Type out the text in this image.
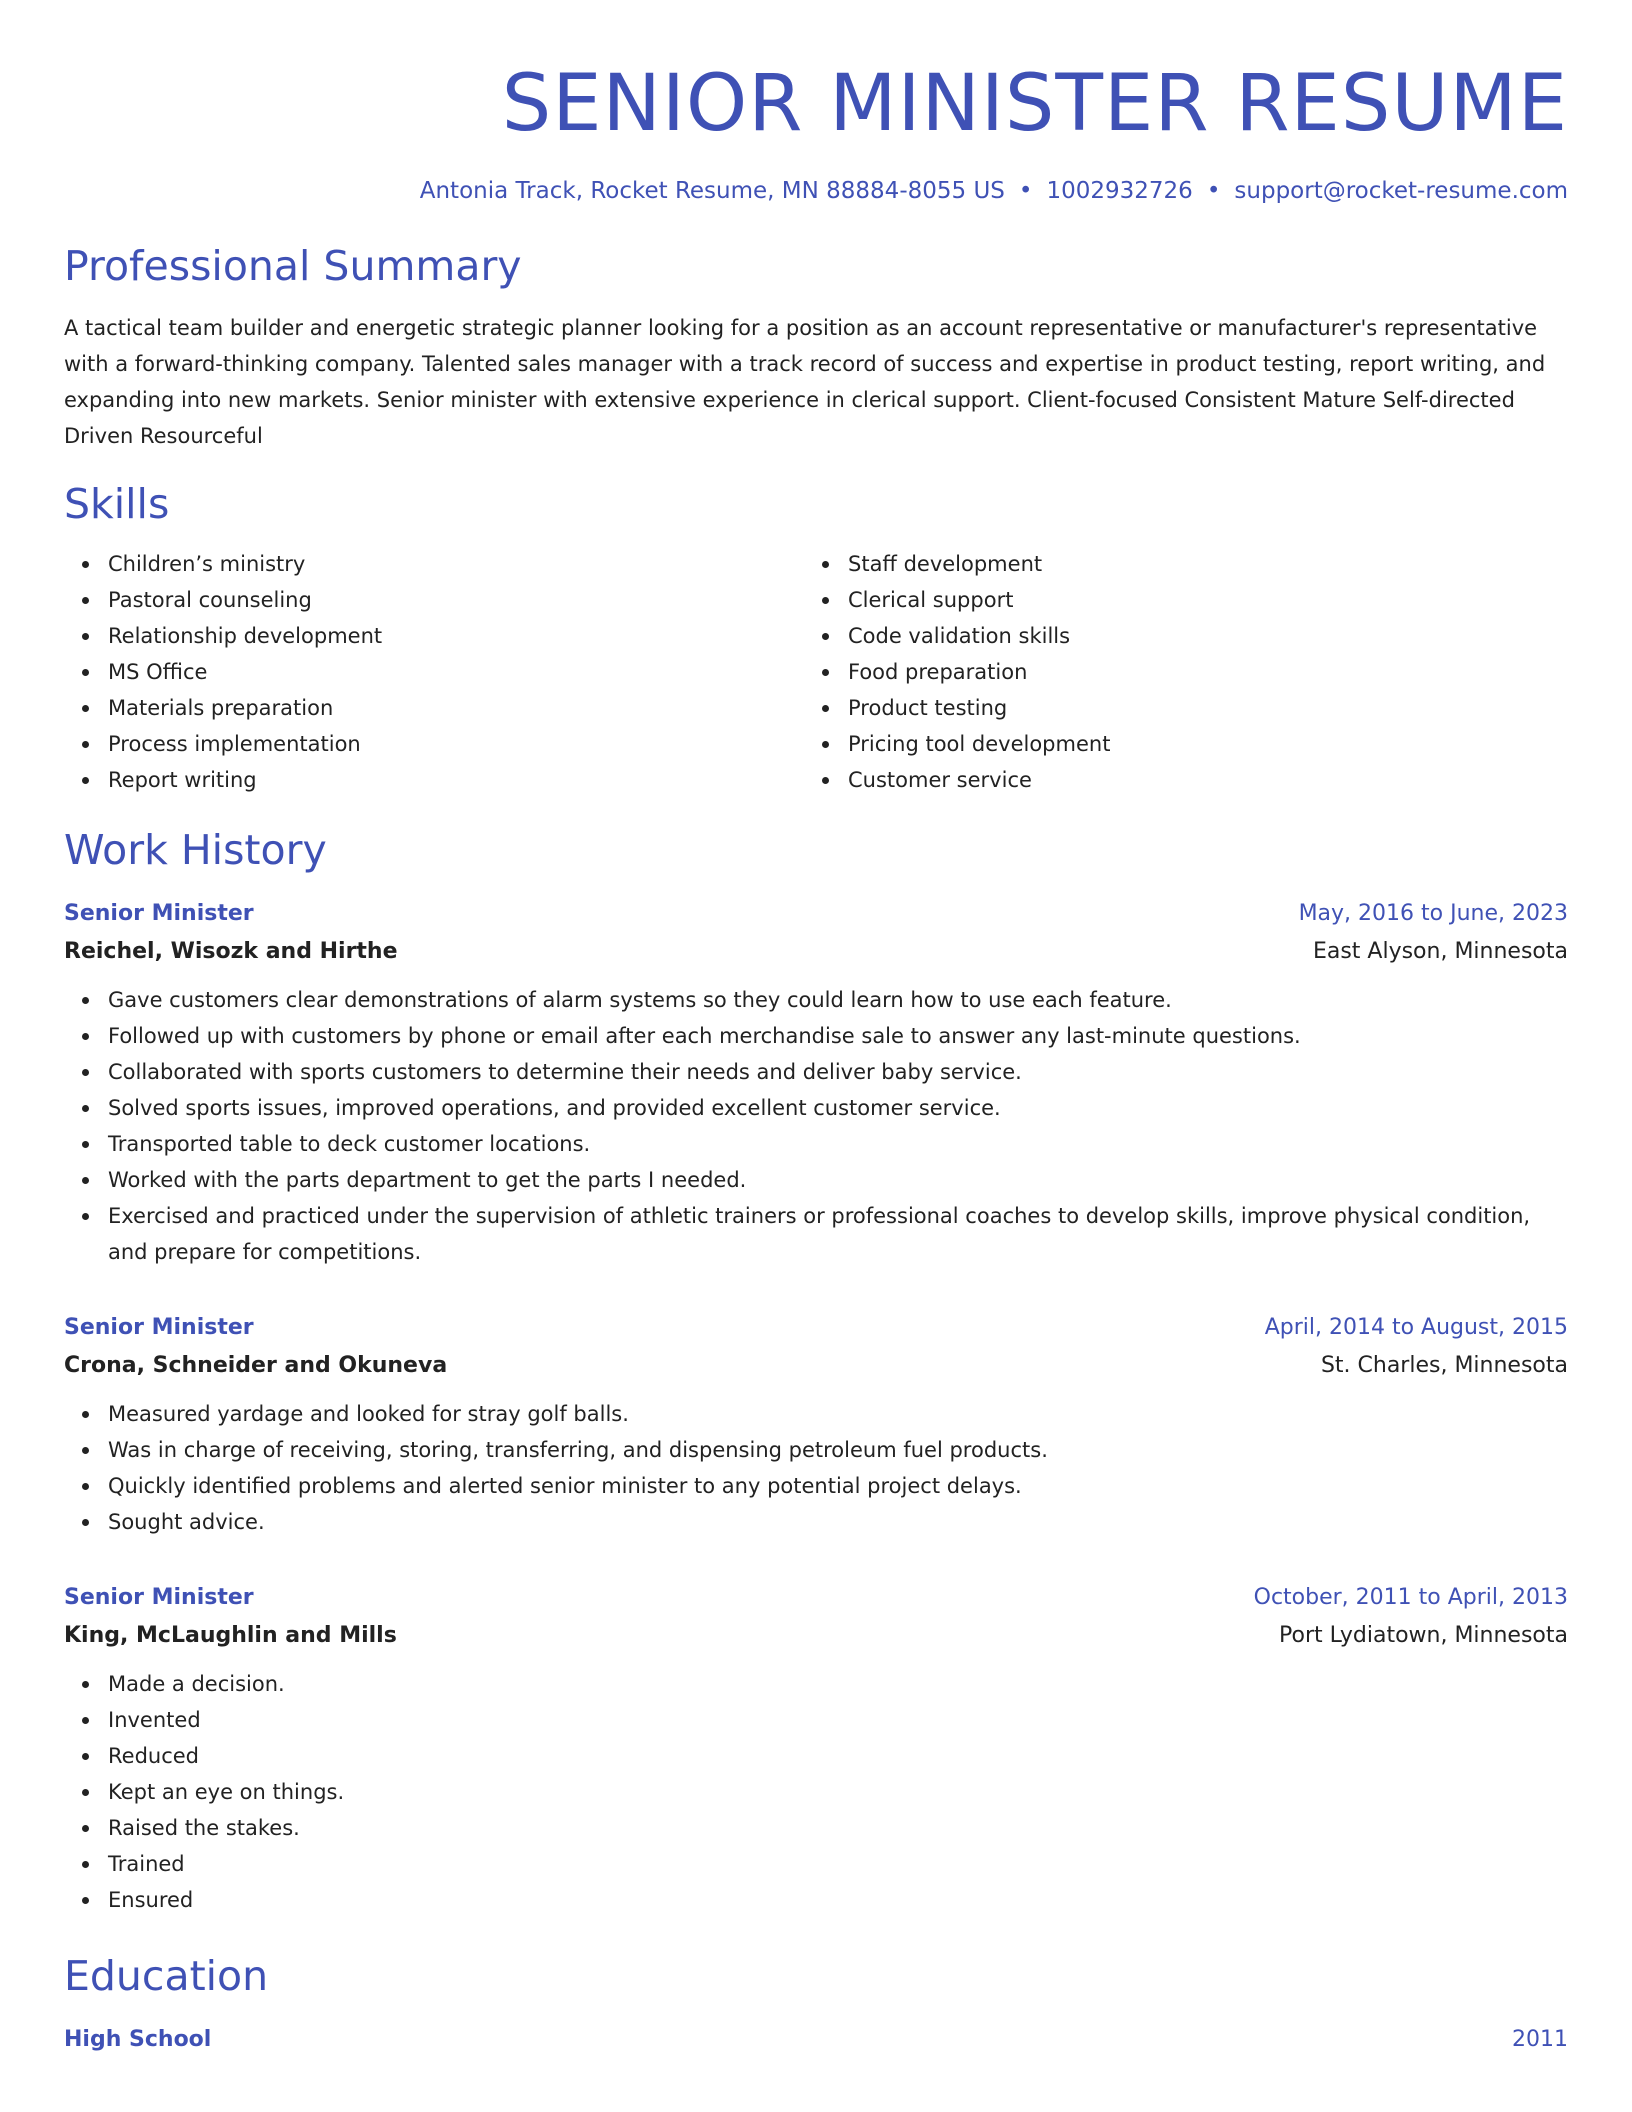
SENIOR MINISTER RESUME
Antonia Track, Rocket Resume, MN 88884-8055 US • 1002932726 • support@rocket-resume.com
Professional Summary
A tactical team builder and energetic strategic planner looking for a position as an account representative or manufacturer's representative with a forward-thinking company. Talented sales manager with a track record of success and expertise in product testing, report writing, and expanding into new markets. Senior minister with extensive experience in clerical support. Client-focused Consistent Mature Self-directed Driven Resourceful
Skills
Children’s ministry
Pastoral counseling
Relationship development
MS Office
Materials preparation
Process implementation
Report writing
Staff development
Clerical support
Code validation skills
Food preparation
Product testing
Pricing tool development
Customer service
Work History
Senior Minister	May, 2016 to June, 2023
Reichel, Wisozk and Hirthe	East Alyson, Minnesota
Gave customers clear demonstrations of alarm systems so they could learn how to use each feature.
Followed up with customers by phone or email after each merchandise sale to answer any last-minute questions.
Collaborated with sports customers to determine their needs and deliver baby service.
Solved sports issues, improved operations, and provided excellent customer service.
Transported table to deck customer locations.
Worked with the parts department to get the parts I needed.
Exercised and practiced under the supervision of athletic trainers or professional coaches to develop skills, improve physical condition, and prepare for competitions.
Senior Minister	April, 2014 to August, 2015
Crona, Schneider and Okuneva	St. Charles, Minnesota
Measured yardage and looked for stray golf balls.
Was in charge of receiving, storing, transferring, and dispensing petroleum fuel products.
Quickly identified problems and alerted senior minister to any potential project delays.
Sought advice.
Senior Minister	October, 2011 to April, 2013
King, McLaughlin and Mills	Port Lydiatown, Minnesota
Made a decision.
Invented
Reduced
Kept an eye on things.
Raised the stakes.
Trained
Ensured
Education
High School	2011
